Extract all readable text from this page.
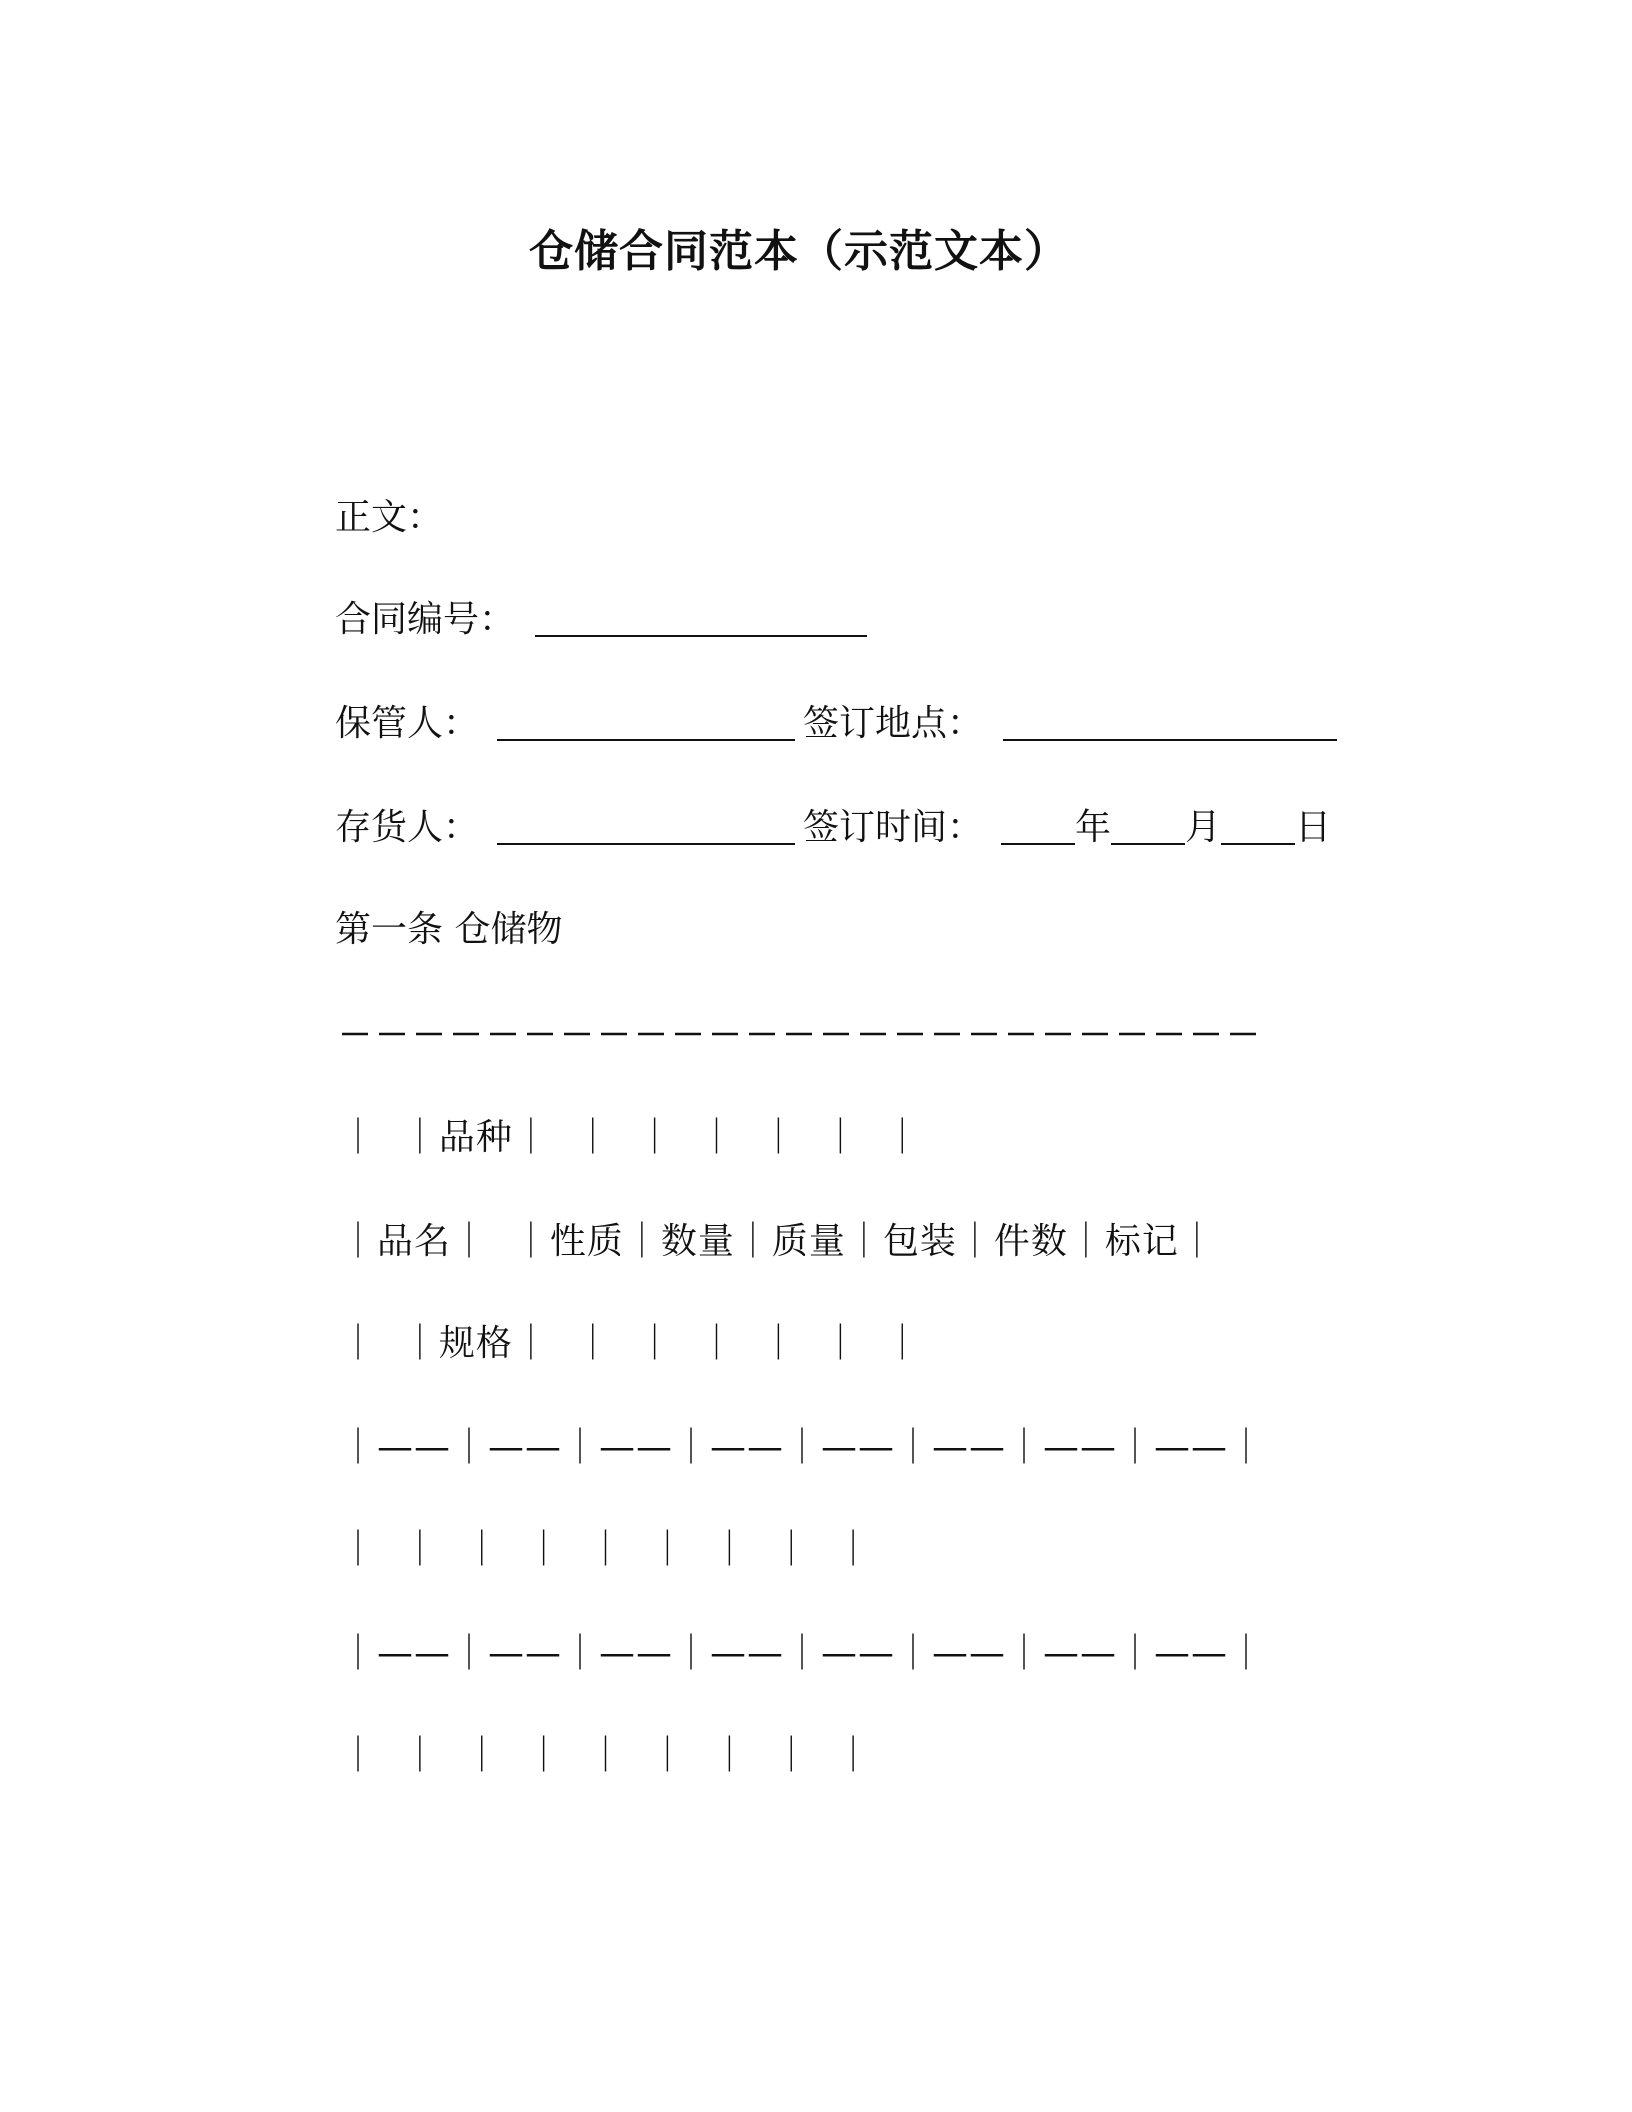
仓储合同范本（示范文本）
正文：
合同编号：
保管人：	签订地点：
存货人：	签订时间：	年 月 日
第一条 仓储物
｜  ｜品种｜  ｜  ｜  ｜  ｜  ｜  ｜
｜品名｜  ｜性质｜数量｜质量｜包装｜件数｜标记｜
｜  ｜规格｜  ｜  ｜  ｜  ｜  ｜  ｜
｜——｜——｜——｜——｜——｜——｜——｜——｜
｜  ｜  ｜  ｜  ｜  ｜  ｜  ｜  ｜
｜——｜——｜——｜——｜——｜——｜——｜——｜
｜  ｜  ｜  ｜  ｜  ｜  ｜  ｜  ｜
